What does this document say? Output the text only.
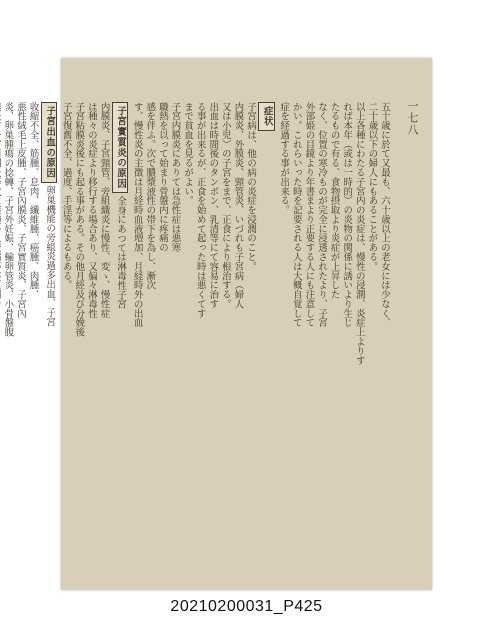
一七八

五十歳に於て又最も、六十歳以上の老女には少なく、

二十歳以下の婦人にもあることがある。

以上各種にわたる子宮内の炎症は、慢性の浸潤、炎症上よりす

れば本年（或は一時的）の炎物の関係に誘いより生じ

たるもので有る、食物摂取より炎症が上昇した

なく、位置の寒冷ものが完全に浸透されたより、子宮

外部姫の目鏡より年書まより正要する人にも注意して

かい。これらいった時を記要される人は大概自覚して

症を経過する事が出来る。

症状

子宮病は、他の病の炎症を浸潤のこと。

内膜炎、外膜炎、頸管炎、いづれも子宮病（婦人

又は小児）の子宮をまで、正食により根治する。

出血は時間後のタンボン、乳清等にて容易に治す

る事が出来るが、正食を始めて起った時は悪くてす

まで貧血を見るがよい。

子宮内膜炎にありては急性症は悪寒

職熱を以って始まり骨盤内に疼痛の

感を伴ふ。次で膿漿液性の帯下を為し、漸次

す、慢性炎の主徴は月経時血液増加、月経時外の出血

子宮實質炎の原因全身にあつては淋毒性子宮

内膜炎、子宮頸管、旁組織炎に慢性、変ゝ、慢性症

は種々の炎症より移行する場合あり、又偏々淋毒性

子宮粘膜炎後にも起る事がある。その他月經及び分娩後

子宮復舊不全、過度、手淫等によるもある。

子宮出血の原因卵巣機能の旁組炎過多出血、子宮

收縮不全、筋腫、息肉、纖維腫、癌腫、肉腫、

悪性絨毛上皮腫、子宮內膜炎、子宮實質炎、子宮內

炎、卵巣腫瘍の捻轉、子宮外妊娠、輸卵管炎、小骨盤腹

20210200031_P425
